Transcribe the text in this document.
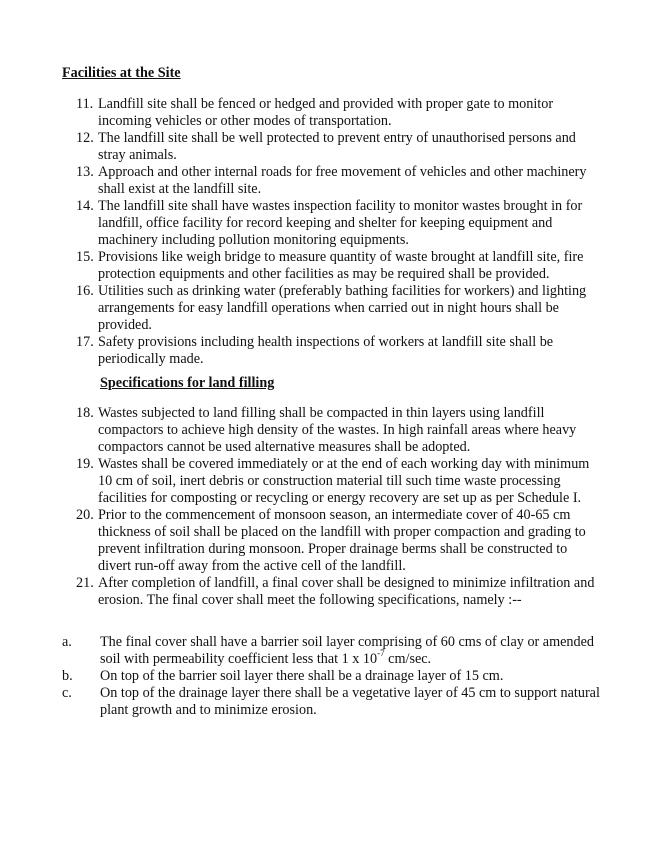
Facilities at the Site
11. Landfill site shall be fenced or hedged and provided with proper gate to monitor incoming vehicles or other modes of transportation.
12. The landfill site shall be well protected to prevent entry of unauthorised persons and stray animals.
13. Approach and other internal roads for free movement of vehicles and other machinery shall exist at the landfill site.
14. The landfill site shall have wastes inspection facility to monitor wastes brought in for landfill, office facility for record keeping and shelter for keeping equipment and machinery including pollution monitoring equipments.
15. Provisions like weigh bridge to measure quantity of waste brought at landfill site, fire protection equipments and other facilities as may be required shall be provided.
16. Utilities such as drinking water (preferably bathing facilities for workers) and lighting arrangements for easy landfill operations when carried out in night hours shall be provided.
17. Safety provisions including health inspections of workers at landfill site shall be periodically made.
Specifications for land filling
18. Wastes subjected to land filling shall be compacted in thin layers using landfill compactors to achieve high density of the wastes. In high rainfall areas where heavy compactors cannot be used alternative measures shall be adopted.
19. Wastes shall be covered immediately or at the end of each working day with minimum 10 cm of soil, inert debris or construction material till such time waste processing facilities for composting or recycling or energy recovery are set up as per Schedule I.
20. Prior to the commencement of monsoon season, an intermediate cover of 40-65 cm thickness of soil shall be placed on the landfill with proper compaction and grading to prevent infiltration during monsoon. Proper drainage berms shall be constructed to divert run-off away from the active cell of the landfill.
21. After completion of landfill, a final cover shall be designed to minimize infiltration and erosion. The final cover shall meet the following specifications, namely :--
a.	The final cover shall have a barrier soil layer comprising of 60 cms of clay or amended soil with permeability coefficient less that 1 x $10^{-7}$ cm/sec.
b.	On top of the barrier soil layer there shall be a drainage layer of 15 cm.
c.	On top of the drainage layer there shall be a vegetative layer of 45 cm to support natural plant growth and to minimize erosion.
